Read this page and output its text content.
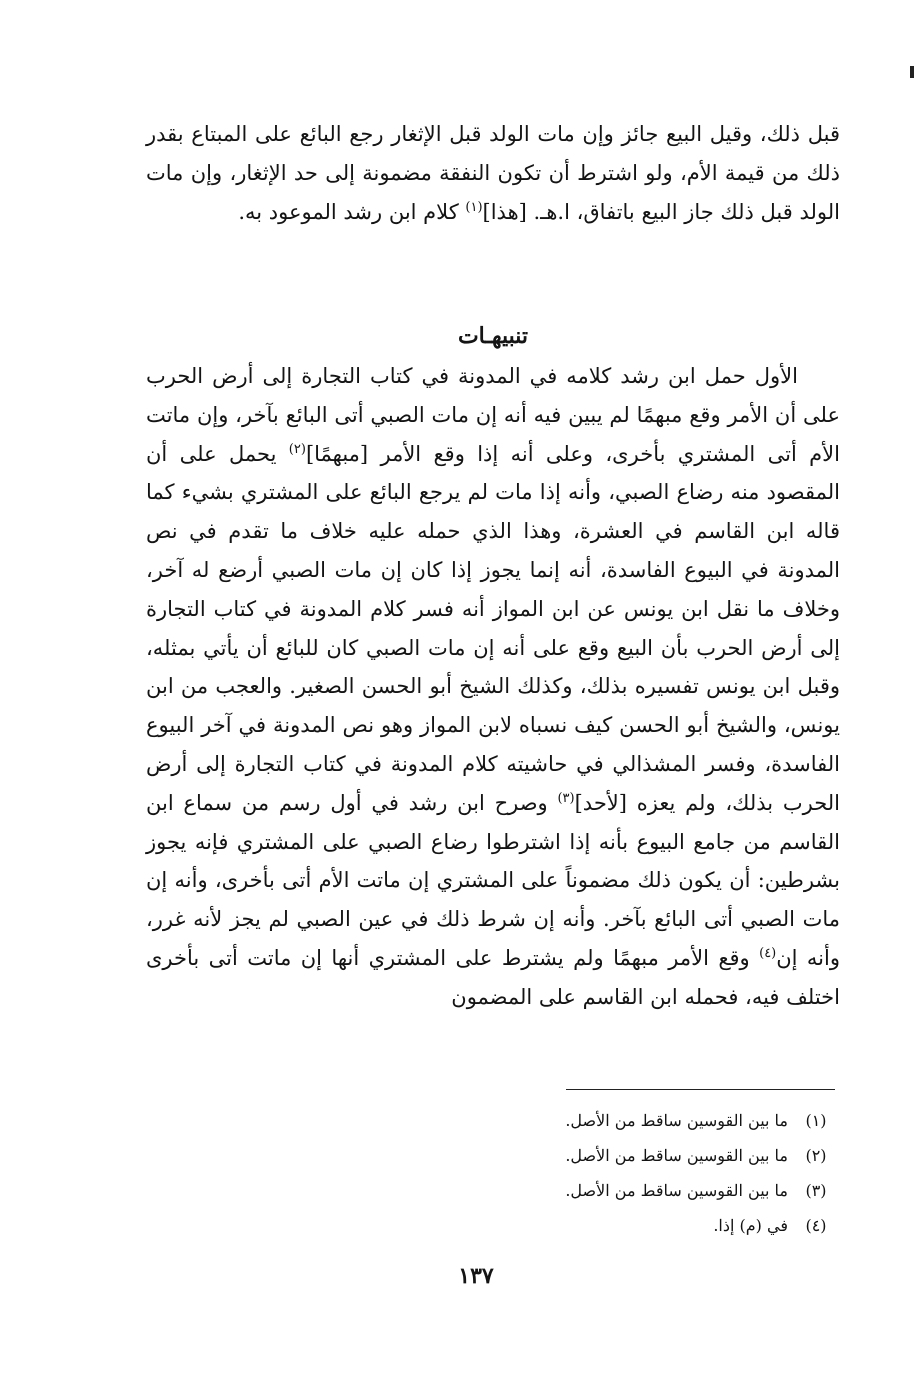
قبل ذلك، وقيل البيع جائز وإن مات الولد قبل الإثغار رجع البائع على المبتاع بقدر ذلك من قيمة الأم، ولو اشترط أن تكون النفقة مضمونة إلى حد الإثغار، وإن مات الولد قبل ذلك جاز البيع باتفاق، ا.هـ. [هذا]$^{(١)}$ كلام ابن رشد الموعود به.

تنبيهـات

الأول حمل ابن رشد كلامه في المدونة في كتاب التجارة إلى أرض الحرب على أن الأمر وقع مبهمًا لم يبين فيه أنه إن مات الصبي أتى البائع بآخر، وإن ماتت الأم أتى المشتري بأخرى، وعلى أنه إذا وقع الأمر [مبهمًا]$^{(٢)}$ يحمل على أن المقصود منه رضاع الصبي، وأنه إذا مات لم يرجع البائع على المشتري بشيء كما قاله ابن القاسم في العشرة، وهذا الذي حمله عليه خلاف ما تقدم في نص المدونة في البيوع الفاسدة، أنه إنما يجوز إذا كان إن مات الصبي أرضع له آخر، وخلاف ما نقل ابن يونس عن ابن المواز أنه فسر كلام المدونة في كتاب التجارة إلى أرض الحرب بأن البيع وقع على أنه إن مات الصبي كان للبائع أن يأتي بمثله، وقبل ابن يونس تفسيره بذلك، وكذلك الشيخ أبو الحسن الصغير. والعجب من ابن يونس، والشيخ أبو الحسن كيف نسباه لابن المواز وهو نص المدونة في آخر البيوع الفاسدة، وفسر المشذالي في حاشيته كلام المدونة في كتاب التجارة إلى أرض الحرب بذلك، ولم يعزه [لأحد]$^{(٣)}$ وصرح ابن رشد في أول رسم من سماع ابن القاسم من جامع البيوع بأنه إذا اشترطوا رضاع الصبي على المشتري فإنه يجوز بشرطين: أن يكون ذلك مضموناً على المشتري إن ماتت الأم أتى بأخرى، وأنه إن مات الصبي أتى البائع بآخر. وأنه إن شرط ذلك في عين الصبي لم يجز لأنه غرر، وأنه إن$^{(٤)}$ وقع الأمر مبهمًا ولم يشترط على المشتري أنها إن ماتت أتى بأخرى اختلف فيه، فحمله ابن القاسم على المضمون

(١)
ما بين القوسين ساقط من الأصل.
(٢)
ما بين القوسين ساقط من الأصل.
(٣)
ما بين القوسين ساقط من الأصل.
(٤)
في (م) إذا.
١٣٧
